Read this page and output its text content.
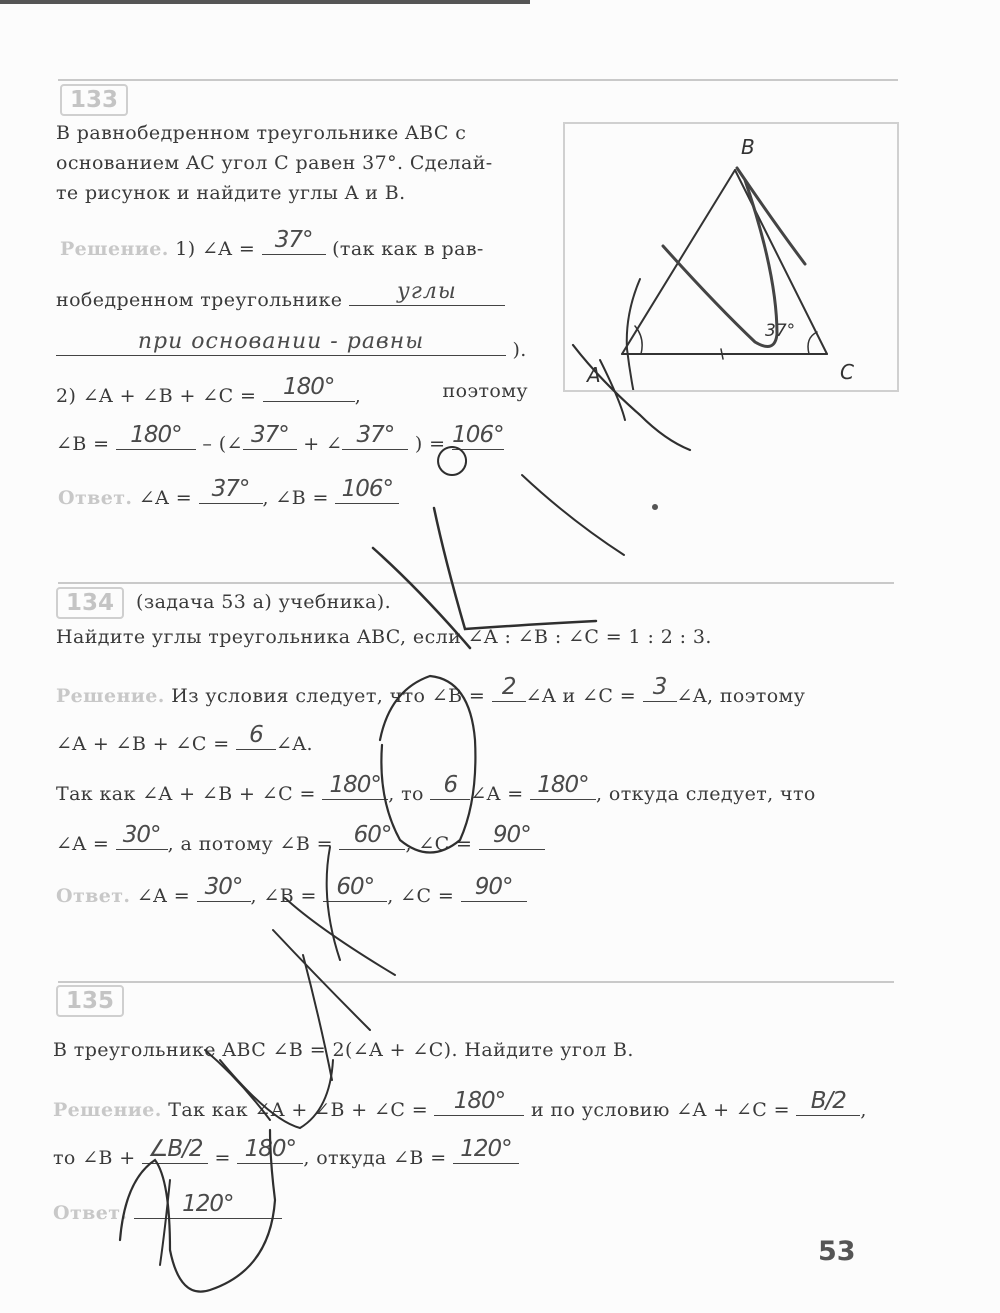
133
В равнобедренном треугольнике ABC с
основанием AC угол C равен 37°. Сделай-
те рисунок и найдите углы A и B.
Решение. 1) ∠A = 37°	(так как в рав-
нобедренном треугольнике	углы
при основании - равны	).
2) ∠A + ∠B + ∠C =	180°	,	поэтому
∠B = 180°	– (∠ 37° + ∠ 37°	) = 106°
Ответ. ∠A = 37° , ∠B = 106°
A
B
C
37°
134	(задача 53 а) учебника).
Найдите углы треугольника ABC, если ∠A : ∠B : ∠C = 1 : 2 : 3.
Решение. Из условия следует, что ∠B = 2 ∠A и ∠C = 3 ∠A, поэтому
∠A + ∠B + ∠C = 6 ∠A.
Так как ∠A + ∠B + ∠C = 180° , то 6 ∠A = 180° , откуда следует, что
∠A = 30° , а потому ∠B = 60° , ∠C = 90°
Ответ. ∠A = 30° , ∠B = 60° , ∠C = 90°
135
В треугольнике ABC ∠B = 2(∠A + ∠C). Найдите угол B.
Решение. Так как ∠A + ∠B + ∠C =	180°	и по условию ∠A + ∠C = B/2 ,
то ∠B + ∠B/2 = 180° , откуда ∠B = 120°
Ответ.	120°
53
